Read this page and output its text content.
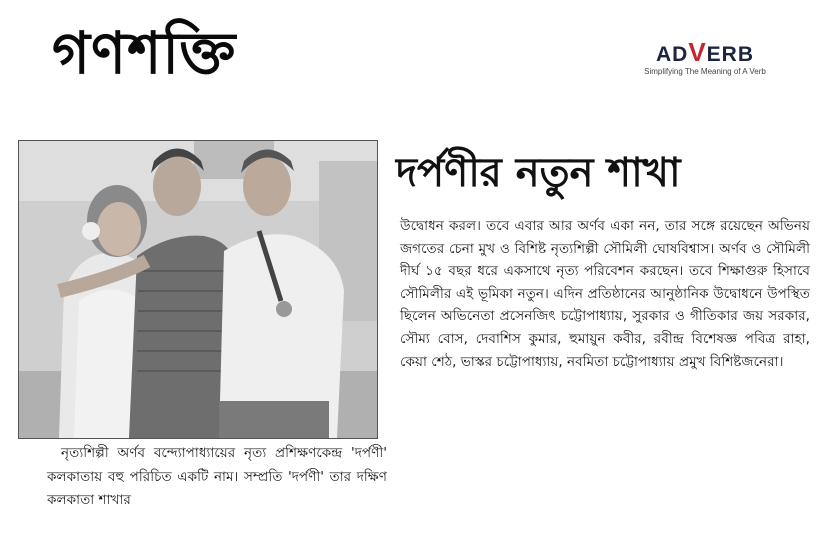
গণশক্তি	ADVERB
Simplifying The Meaning of A Verb
দর্পণীর নতুন শাখা
উদ্বোধন করল। তবে এবার আর অর্ণব একা নন, তার সঙ্গে রয়েছেন অভিনয় জগতের চেনা মুখ ও বিশিষ্ট নৃত্যশিল্পী সৌমিলী ঘোষবিশ্বাস। অর্ণব ও সৌমিলী দীর্ঘ ১৫ বছর ধরে একসাথে নৃত্য পরিবেশন করছেন। তবে শিক্ষাগুরু হিসাবে সৌমিলীর এই ভূমিকা নতুন। এদিন প্রতিষ্ঠানের আনুষ্ঠানিক উদ্বোধনে উপস্থিত ছিলেন অভিনেতা প্রসেনজিৎ চট্টোপাধ্যায়, সুরকার ও গীতিকার জয় সরকার, সৌম্য বোস, দেবাশিস কুমার, হুমায়ুন কবীর, রবীন্দ্র বিশেষজ্ঞ পবিত্র রাহা, কেয়া শেঠ, ভাস্কর চট্টোপাধ্যায়, নবমিতা চট্টোপাধ্যায় প্রমুখ বিশিষ্টজনেরা।
নৃত্যশিল্পী অর্ণব বন্দ্যোপাধ্যায়ের নৃত্য প্রশিক্ষণকেন্দ্র 'দর্পণী' কলকাতায় বহু পরিচিত একটি নাম। সম্প্রতি 'দর্পণী' তার দক্ষিণ কলকাতা শাখার
